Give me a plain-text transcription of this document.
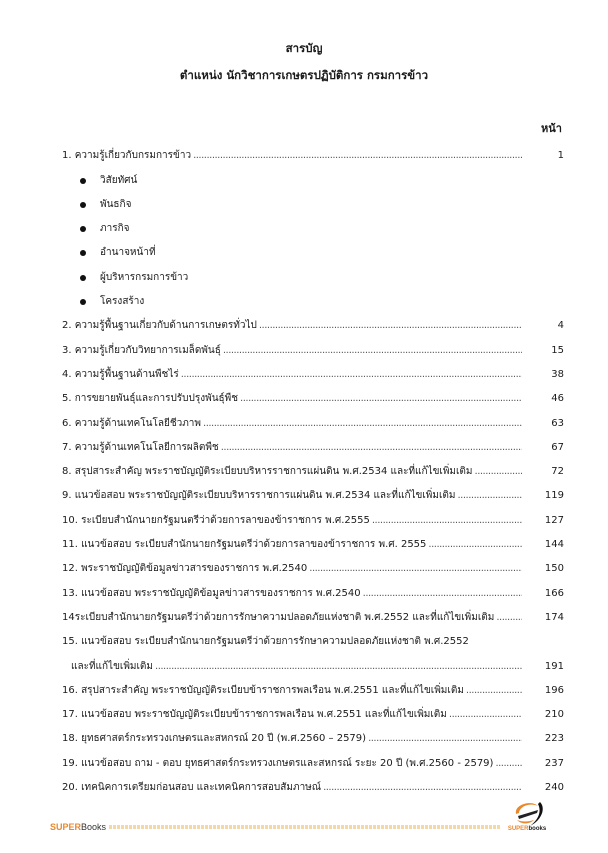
สารบัญ
ตำแหน่ง นักวิชาการเกษตรปฏิบัติการ กรมการข้าว
หน้า
1. ความรู้เกี่ยวกับกรมการข้าว .....	1
วิสัยทัศน์
พันธกิจ
ภารกิจ
อำนาจหน้าที่
ผู้บริหารกรมการข้าว
โครงสร้าง
2. ความรู้พื้นฐานเกี่ยวกับด้านการเกษตรทั่วไป .....	4
3. ความรู้เกี่ยวกับวิทยาการเมล็ดพันธุ์ .....	15
4. ความรู้พื้นฐานด้านพืชไร่ .....	38
5. การขยายพันธุ์และการปรับปรุงพันธุ์พืช .....	46
6. ความรู้ด้านเทคโนโลยีชีวภาพ .....	63
7. ความรู้ด้านเทคโนโลยีการผลิตพืช .....	67
8. สรุปสาระสำคัญ พระราชบัญญัติระเบียบบริหารราชการแผ่นดิน พ.ศ.2534 และที่แก้ไขเพิ่มเติม .....	72
9. แนวข้อสอบ พระราชบัญญัติระเบียบบริหารราชการแผ่นดิน พ.ศ.2534 และที่แก้ไขเพิ่มเติม .....	119
10. ระเบียบสำนักนายกรัฐมนตรีว่าด้วยการลาของข้าราชการ พ.ศ.2555 .....	127
11. แนวข้อสอบ ระเบียบสำนักนายกรัฐมนตรีว่าด้วยการลาของข้าราชการ พ.ศ. 2555 .....	144
12. พระราชบัญญัติข้อมูลข่าวสารของราชการ พ.ศ.2540 .....	150
13. แนวข้อสอบ พระราชบัญญัติข้อมูลข่าวสารของราชการ พ.ศ.2540 .....	166
14ระเบียบสำนักนายกรัฐมนตรีว่าด้วยการรักษาความปลอดภัยแห่งชาติ พ.ศ.2552 และที่แก้ไขเพิ่มเติม .....	174
15. แนวข้อสอบ ระเบียบสำนักนายกรัฐมนตรีว่าด้วยการรักษาความปลอดภัยแห่งชาติ พ.ศ.2552
และที่แก้ไขเพิ่มเติม .....	191
16. สรุปสาระสำคัญ พระราชบัญญัติระเบียบข้าราชการพลเรือน พ.ศ.2551 และที่แก้ไขเพิ่มเติม .....	196
17. แนวข้อสอบ พระราชบัญญัติระเบียบข้าราชการพลเรือน พ.ศ.2551 และที่แก้ไขเพิ่มเติม .....	210
18. ยุทธศาสตร์กระทรวงเกษตรและสหกรณ์ 20 ปี (พ.ศ.2560 – 2579) .....	223
19. แนวข้อสอบ ถาม - ตอบ ยุทธศาสตร์กระทรวงเกษตรและสหกรณ์ ระยะ 20 ปี (พ.ศ.2560 - 2579) .....	237
20. เทคนิคการเตรียมก่อนสอบ และเทคนิคการสอบสัมภาษณ์ .....	240
SUPERBooks	SUPERbooks
